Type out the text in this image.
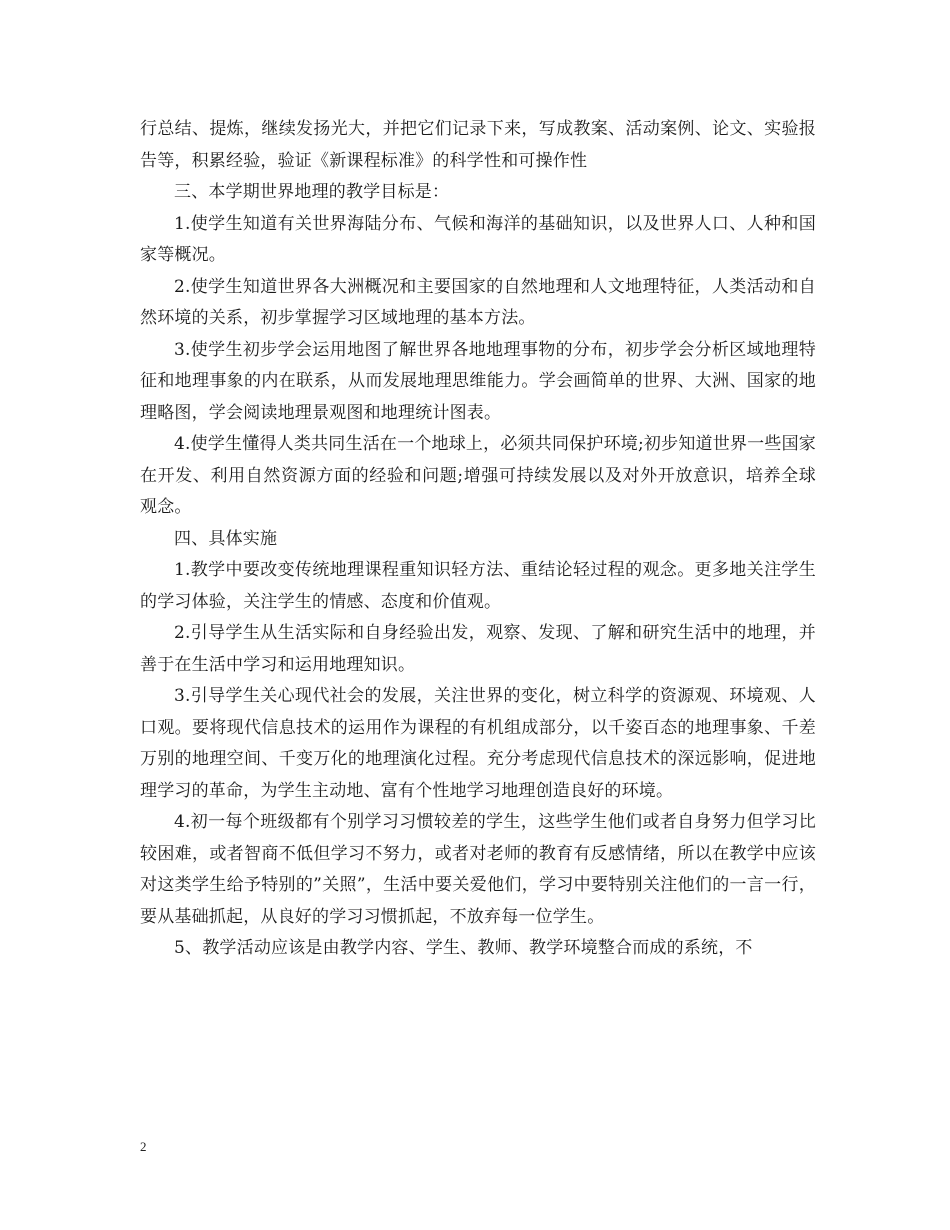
行总结、提炼，继续发扬光大，并把它们记录下来，写成教案、活动案例、论文、实验报告等，积累经验，验证《新课程标准》的科学性和可操作性

三、本学期世界地理的教学目标是：

1.使学生知道有关世界海陆分布、气候和海洋的基础知识，以及世界人口、人种和国家等概况。

2.使学生知道世界各大洲概况和主要国家的自然地理和人文地理特征，人类活动和自然环境的关系，初步掌握学习区域地理的基本方法。

3.使学生初步学会运用地图了解世界各地地理事物的分布，初步学会分析区域地理特征和地理事象的内在联系，从而发展地理思维能力。学会画简单的世界、大洲、国家的地理略图，学会阅读地理景观图和地理统计图表。

4.使学生懂得人类共同生活在一个地球上，必须共同保护环境;初步知道世界一些国家在开发、利用自然资源方面的经验和问题;增强可持续发展以及对外开放意识，培养全球观念。

四、具体实施

1.教学中要改变传统地理课程重知识轻方法、重结论轻过程的观念。更多地关注学生的学习体验，关注学生的情感、态度和价值观。

2.引导学生从生活实际和自身经验出发，观察、发现、了解和研究生活中的地理，并善于在生活中学习和运用地理知识。

3.引导学生关心现代社会的发展，关注世界的变化，树立科学的资源观、环境观、人口观。要将现代信息技术的运用作为课程的有机组成部分，以千姿百态的地理事象、千差万别的地理空间、千变万化的地理演化过程。充分考虑现代信息技术的深远影响，促进地理学习的革命，为学生主动地、富有个性地学习地理创造良好的环境。

4.初一每个班级都有个别学习习惯较差的学生，这些学生他们或者自身努力但学习比较困难，或者智商不低但学习不努力，或者对老师的教育有反感情绪，所以在教学中应该对这类学生给予特别的”关照”，生活中要关爱他们，学习中要特别关注他们的一言一行，要从基础抓起，从良好的学习习惯抓起，不放弃每一位学生。

5、教学活动应该是由教学内容、学生、教师、教学环境整合而成的系统，不

2
